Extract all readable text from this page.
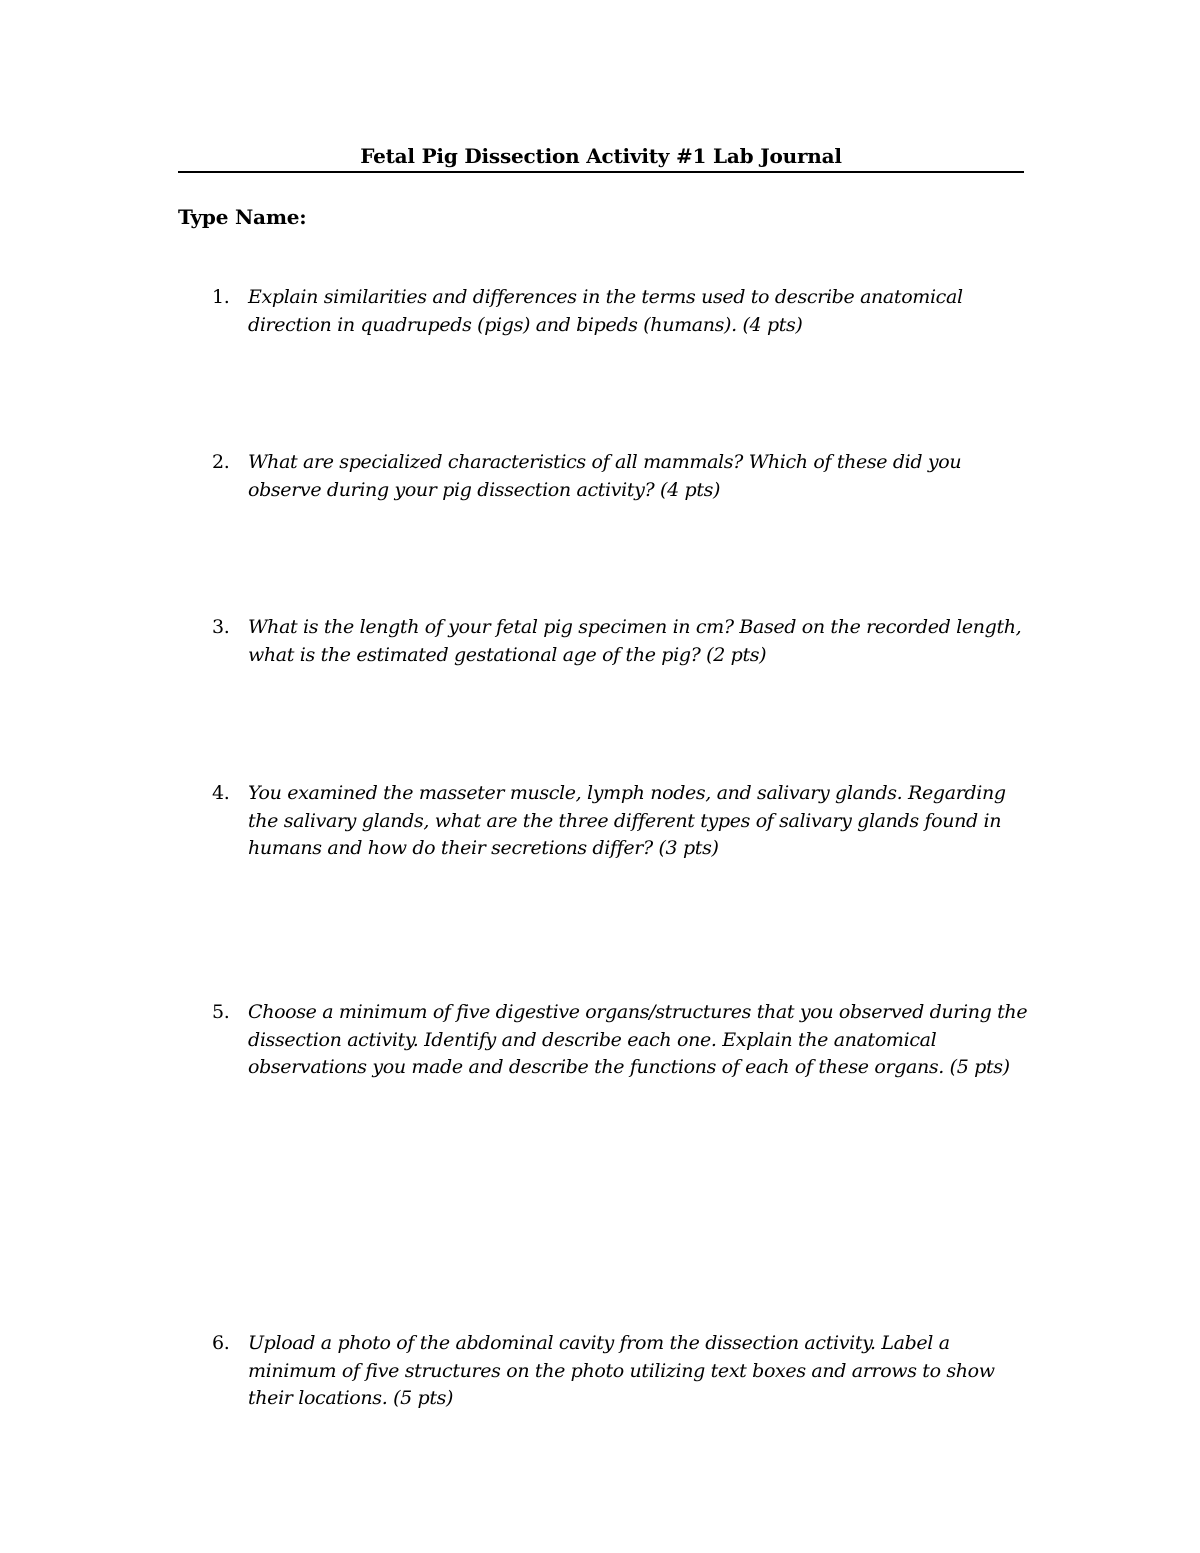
Fetal Pig Dissection Activity #1 Lab Journal
Type Name:
1. Explain similarities and differences in the terms used to describe anatomical direction in quadrupeds (pigs) and bipeds (humans). (4 pts)
2. What are specialized characteristics of all mammals? Which of these did you observe during your pig dissection activity? (4 pts)
3. What is the length of your fetal pig specimen in cm? Based on the recorded length, what is the estimated gestational age of the pig? (2 pts)
4. You examined the masseter muscle, lymph nodes, and salivary glands. Regarding the salivary glands, what are the three different types of salivary glands found in humans and how do their secretions differ? (3 pts)
5. Choose a minimum of five digestive organs/structures that you observed during the dissection activity. Identify and describe each one. Explain the anatomical observations you made and describe the functions of each of these organs. (5 pts)
6. Upload a photo of the abdominal cavity from the dissection activity. Label a minimum of five structures on the photo utilizing text boxes and arrows to show their locations. (5 pts)
